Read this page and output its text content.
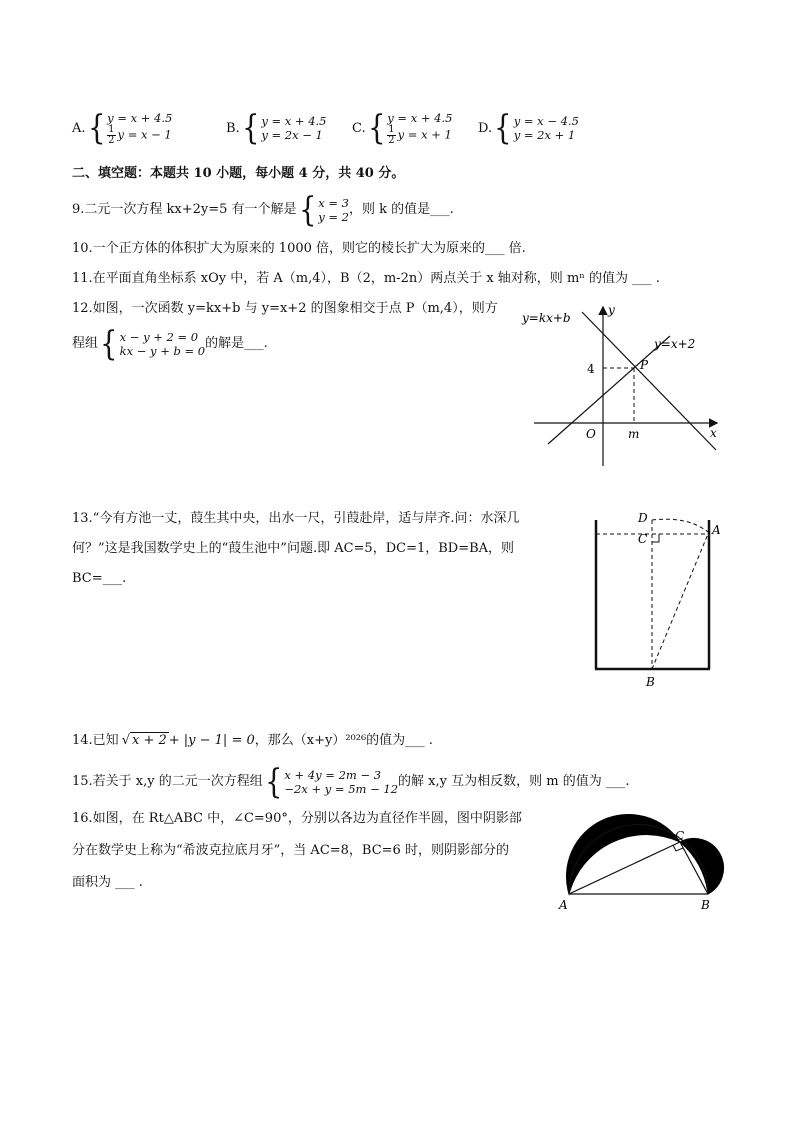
A. { y = x + 4.5
$\frac{1}{2}$ y = x − 1	B. { y = x + 4.5
y = 2x − 1 C. { y = x + 4.5
$\frac{1}{2}$ y = x + 1 D. { y = x − 4.5
y = 2x + 1
二、填空题：本题共 10 小题，每小题 4 分，共 40 分。
9.二元一次方程 kx+2y=5 有一个解是 { x = 3
y = 2 ，则 k 的值是___.
10.一个正方体的体积扩大为原来的 1000 倍，则它的棱长扩大为原来的___ 倍.
11.在平面直角坐标系 xOy 中，若 A（m,4），B（2，m-2n）两点关于 x 轴对称，则 mⁿ 的值为 ___ .
12.如图，一次函数 y=kx+b 与 y=x+2 的图象相交于点 P（m,4），则方
程组 { x − y + 2 = 0
kx − y + b = 0 的解是___.
y=kx+b
y=x+2
y
x
O	m
4	P
13.“今有方池一丈，葭生其中央，出水一尺，引葭赴岸，适与岸齐.问：水深几
何？”这是我国数学史上的“葭生池中”问题.即 AC=5，DC=1，BD=BA，则
BC=___.
D
C
A
B
14.已知 √ x + 2 + |y − 1| = 0 ，那么（x+y）²⁰²⁶的值为___ .
15.若关于 x,y 的二元一次方程组 { x + 4y = 2m − 3
−2x + y = 5m − 12 的解 x,y 互为相反数，则 m 的值为 ___.
16.如图，在 Rt△ABC 中，∠C=90°，分别以各边为直径作半圆，图中阴影部
分在数学史上称为“希波克拉底月牙”，当 AC=8，BC=6 时，则阴影部分的
面积为 ___ .
A	B
C
